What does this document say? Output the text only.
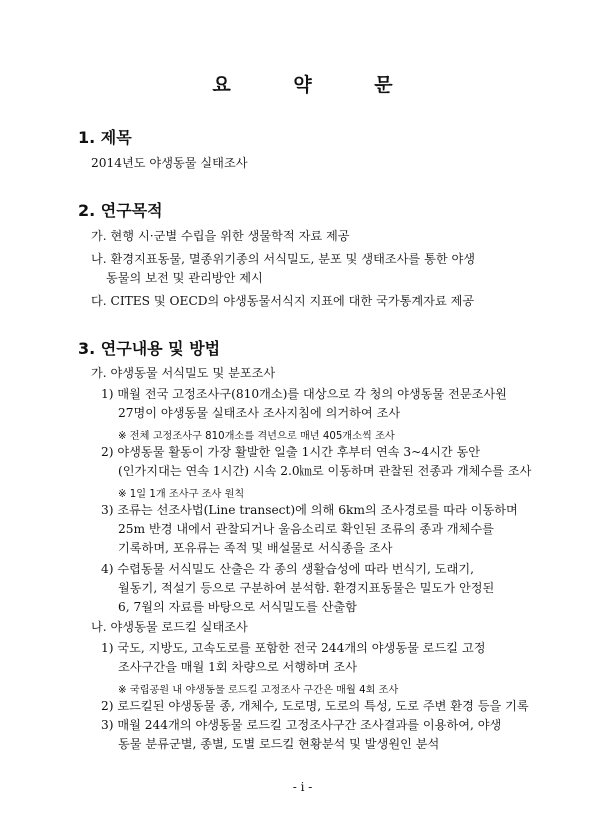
요 약 문
1. 제목
2014년도 야생동물 실태조사
2. 연구목적
가. 현행 시·군별 수립을 위한 생물학적 자료 제공
나. 환경지표동물, 멸종위기종의 서식밀도, 분포 및 생태조사를 통한 야생
동물의 보전 및 관리방안 제시
다. CITES 및 OECD의 야생동물서식지 지표에 대한 국가통계자료 제공
3. 연구내용 및 방법
가. 야생동물 서식밀도 및 분포조사
1) 매월 전국 고정조사구(810개소)를 대상으로 각 청의 야생동물 전문조사원
27명이 야생동물 실태조사 조사지침에 의거하여 조사
※ 전체 고정조사구 810개소를 격년으로 매년 405개소씩 조사
2) 야생동물 활동이 가장 활발한 일출 1시간 후부터 연속 3~4시간 동안
(인가지대는 연속 1시간) 시속 2.0㎞로 이동하며 관찰된 전종과 개체수를 조사
※ 1일 1개 조사구 조사 원칙
3) 조류는 선조사법(Line transect)에 의해 6km의 조사경로를 따라 이동하며
25m 반경 내에서 관찰되거나 울음소리로 확인된 조류의 종과 개체수를
기록하며, 포유류는 족적 및 배설물로 서식종을 조사
4) 수렵동물 서식밀도 산출은 각 종의 생활습성에 따라 번식기, 도래기,
월동기, 적설기 등으로 구분하여 분석함. 환경지표동물은 밀도가 안정된
6, 7월의 자료를 바탕으로 서식밀도를 산출함
나. 야생동물 로드킬 실태조사
1) 국도, 지방도, 고속도로를 포함한 전국 244개의 야생동물 로드킬 고정
조사구간을 매월 1회 차량으로 서행하며 조사
※ 국립공원 내 야생동물 로드킬 고정조사 구간은 매월 4회 조사
2) 로드킬된 야생동물 종, 개체수, 도로명, 도로의 특성, 도로 주변 환경 등을 기록
3) 매월 244개의 야생동물 로드킬 고정조사구간 조사결과를 이용하여, 야생
동물 분류군별, 종별, 도별 로드킬 현황분석 및 발생원인 분석
- i -
